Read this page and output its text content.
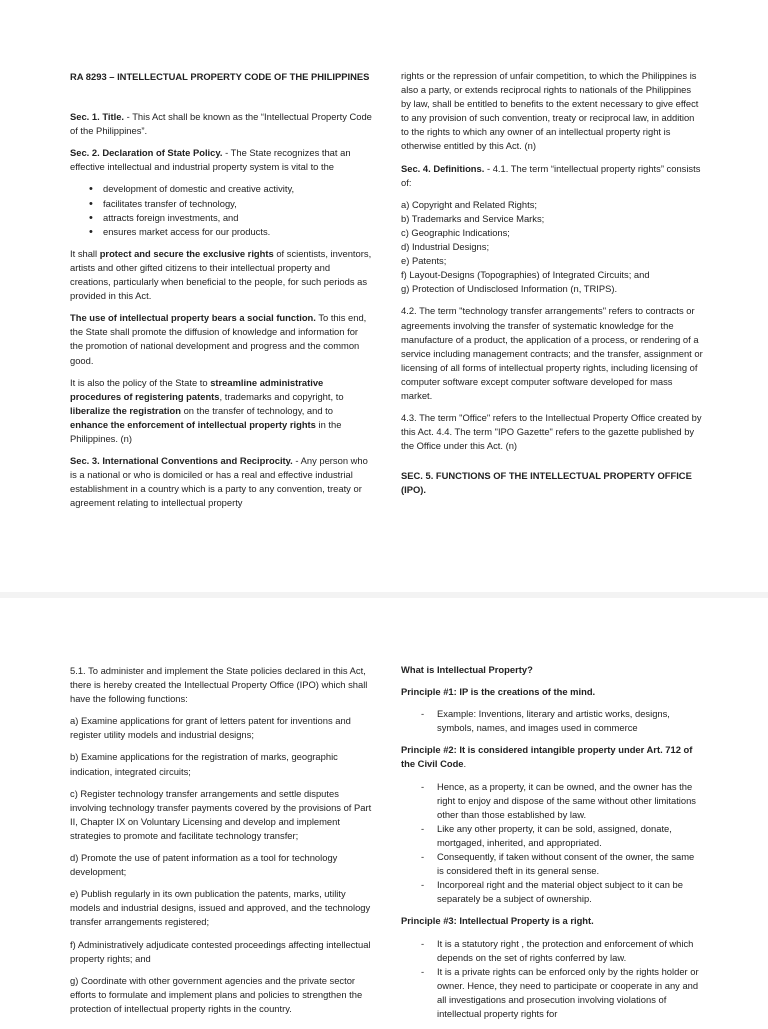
RA 8293 – INTELLECTUAL PROPERTY CODE OF THE PHILIPPINES

Sec. 1. Title. - This Act shall be known as the “Intellectual Property Code of the Philippines”.

Sec. 2. Declaration of State Policy. - The State recognizes that an effective intellectual and industrial property system is vital to the

• development of domestic and creative activity,
• facilitates transfer of technology,
• attracts foreign investments, and
• ensures market access for our products.

It shall protect and secure the exclusive rights of scientists, inventors, artists and other gifted citizens to their intellectual property and creations, particularly when beneficial to the people, for such periods as provided in this Act.

The use of intellectual property bears a social function. To this end, the State shall promote the diffusion of knowledge and information for the promotion of national development and progress and the common good.

It is also the policy of the State to streamline administrative procedures of registering patents, trademarks and copyright, to liberalize the registration on the transfer of technology, and to enhance the enforcement of intellectual property rights in the Philippines. (n)

Sec. 3. International Conventions and Reciprocity. - Any person who is a national or who is domiciled or has a real and effective industrial establishment in a country which is a party to any convention, treaty or agreement relating to intellectual property

rights or the repression of unfair competition, to which the Philippines is also a party, or extends reciprocal rights to nationals of the Philippines by law, shall be entitled to benefits to the extent necessary to give effect to any provision of such convention, treaty or reciprocal law, in addition to the rights to which any owner of an intellectual property right is otherwise entitled by this Act. (n)

Sec. 4. Definitions. - 4.1. The term “intellectual property rights” consists of:

a) Copyright and Related Rights;
b) Trademarks and Service Marks;
c) Geographic Indications;
d) Industrial Designs;
e) Patents;
f) Layout-Designs (Topographies) of Integrated Circuits; and
g) Protection of Undisclosed Information (n, TRIPS).

4.2. The term "technology transfer arrangements" refers to contracts or agreements involving the transfer of systematic knowledge for the manufacture of a product, the application of a process, or rendering of a service including management contracts; and the transfer, assignment or licensing of all forms of intellectual property rights, including licensing of computer software except computer software developed for mass market.

4.3. The term "Office" refers to the Intellectual Property Office created by this Act. 4.4. The term "IPO Gazette" refers to the gazette published by the Office under this Act. (n)

SEC. 5. FUNCTIONS OF THE INTELLECTUAL PROPERTY OFFICE (IPO).

5.1. To administer and implement the State policies declared in this Act, there is hereby created the Intellectual Property Office (IPO) which shall have the following functions:

a) Examine applications for grant of letters patent for inventions and register utility models and industrial designs;

b) Examine applications for the registration of marks, geographic indication, integrated circuits;

c) Register technology transfer arrangements and settle disputes involving technology transfer payments covered by the provisions of Part II, Chapter IX on Voluntary Licensing and develop and implement strategies to promote and facilitate technology transfer;

d) Promote the use of patent information as a tool for technology development;

e) Publish regularly in its own publication the patents, marks, utility models and industrial designs, issued and approved, and the technology transfer arrangements registered;

f) Administratively adjudicate contested proceedings affecting intellectual property rights; and

g) Coordinate with other government agencies and the private sector efforts to formulate and implement plans and policies to strengthen the protection of intellectual property rights in the country.

What is Intellectual Property?

Principle #1: IP is the creations of the mind.

- Example: Inventions, literary and artistic works, designs, symbols, names, and images used in commerce

Principle #2: It is considered intangible property under Art. 712 of the Civil Code.

- Hence, as a property, it can be owned, and the owner has the right to enjoy and dispose of the same without other limitations other than those established by law.
- Like any other property, it can be sold, assigned, donate, mortgaged, inherited, and appropriated.
- Consequently, if taken without consent of the owner, the same is considered theft in its general sense.
- Incorporeal right and the material object subject to it can be separately be a subject of ownership.

Principle #3: Intellectual Property is a right.

- It is a statutory right , the protection and enforcement of which depends on the set of rights conferred by law.
- It is a private rights can be enforced only by the rights holder or owner. Hence, they need to participate or cooperate in any and all investigations and prosecution involving violations of intellectual property rights for
